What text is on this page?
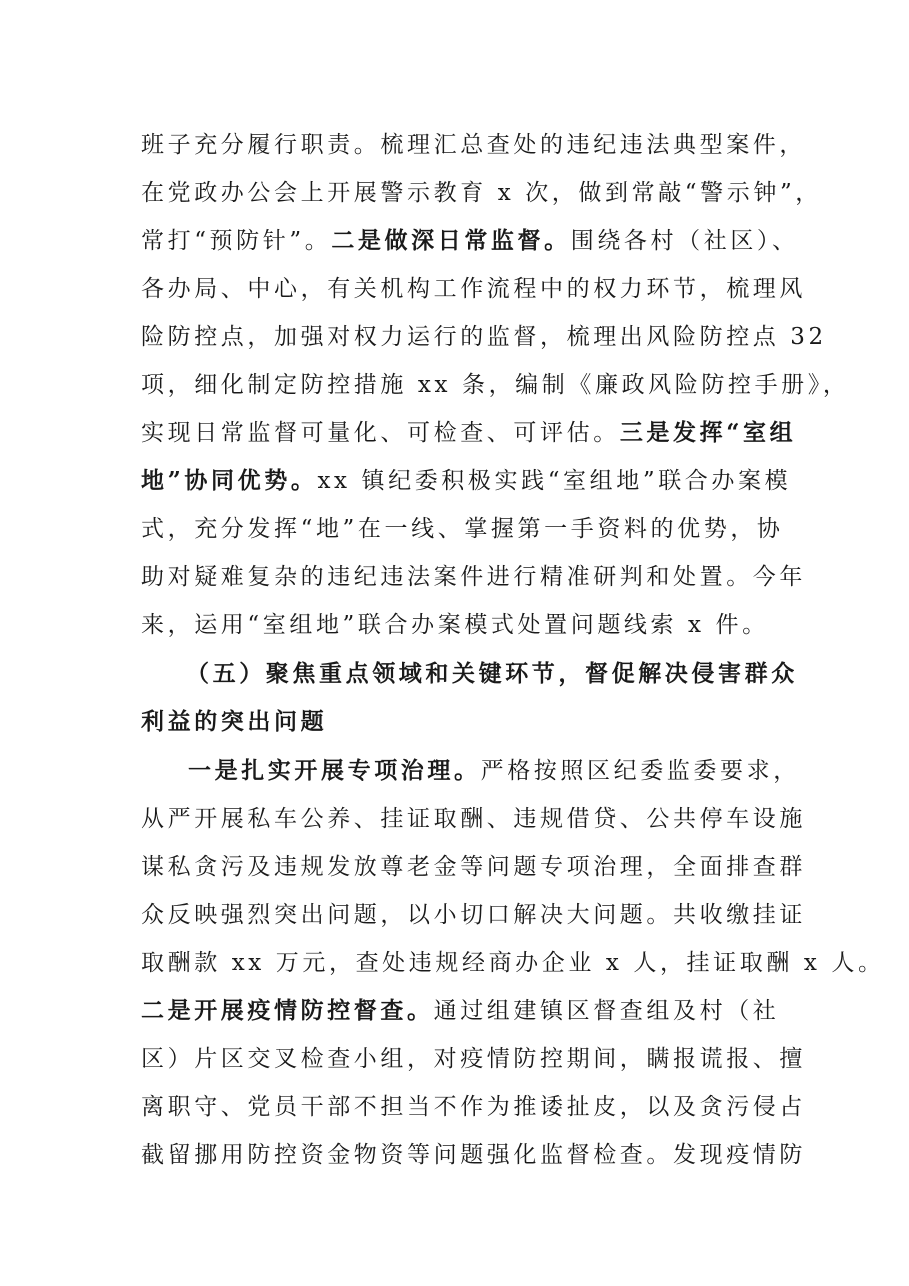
班子充分履行职责。梳理汇总查处的违纪违法典型案件，
在党政办公会上开展警示教育 x 次，做到常敲“警示钟”，
常打“预防针”。二是做深日常监督。围绕各村（社区）、
各办局、中心，有关机构工作流程中的权力环节，梳理风
险防控点，加强对权力运行的监督，梳理出风险防控点 32
项，细化制定防控措施 xx 条，编制《廉政风险防控手册》，
实现日常监督可量化、可检查、可评估。三是发挥“室组
地”协同优势。xx 镇纪委积极实践“室组地”联合办案模
式，充分发挥“地”在一线、掌握第一手资料的优势，协
助对疑难复杂的违纪违法案件进行精准研判和处置。今年
来，运用“室组地”联合办案模式处置问题线索 x 件。
（五）聚焦重点领域和关键环节，督促解决侵害群众
利益的突出问题
一是扎实开展专项治理。严格按照区纪委监委要求，
从严开展私车公养、挂证取酬、违规借贷、公共停车设施
谋私贪污及违规发放尊老金等问题专项治理，全面排查群
众反映强烈突出问题，以小切口解决大问题。共收缴挂证
取酬款 xx 万元，查处违规经商办企业 x 人，挂证取酬 x 人。
二是开展疫情防控督查。通过组建镇区督查组及村（社
区）片区交叉检查小组，对疫情防控期间，瞒报谎报、擅
离职守、党员干部不担当不作为推诿扯皮，以及贪污侵占
截留挪用防控资金物资等问题强化监督检查。发现疫情防
